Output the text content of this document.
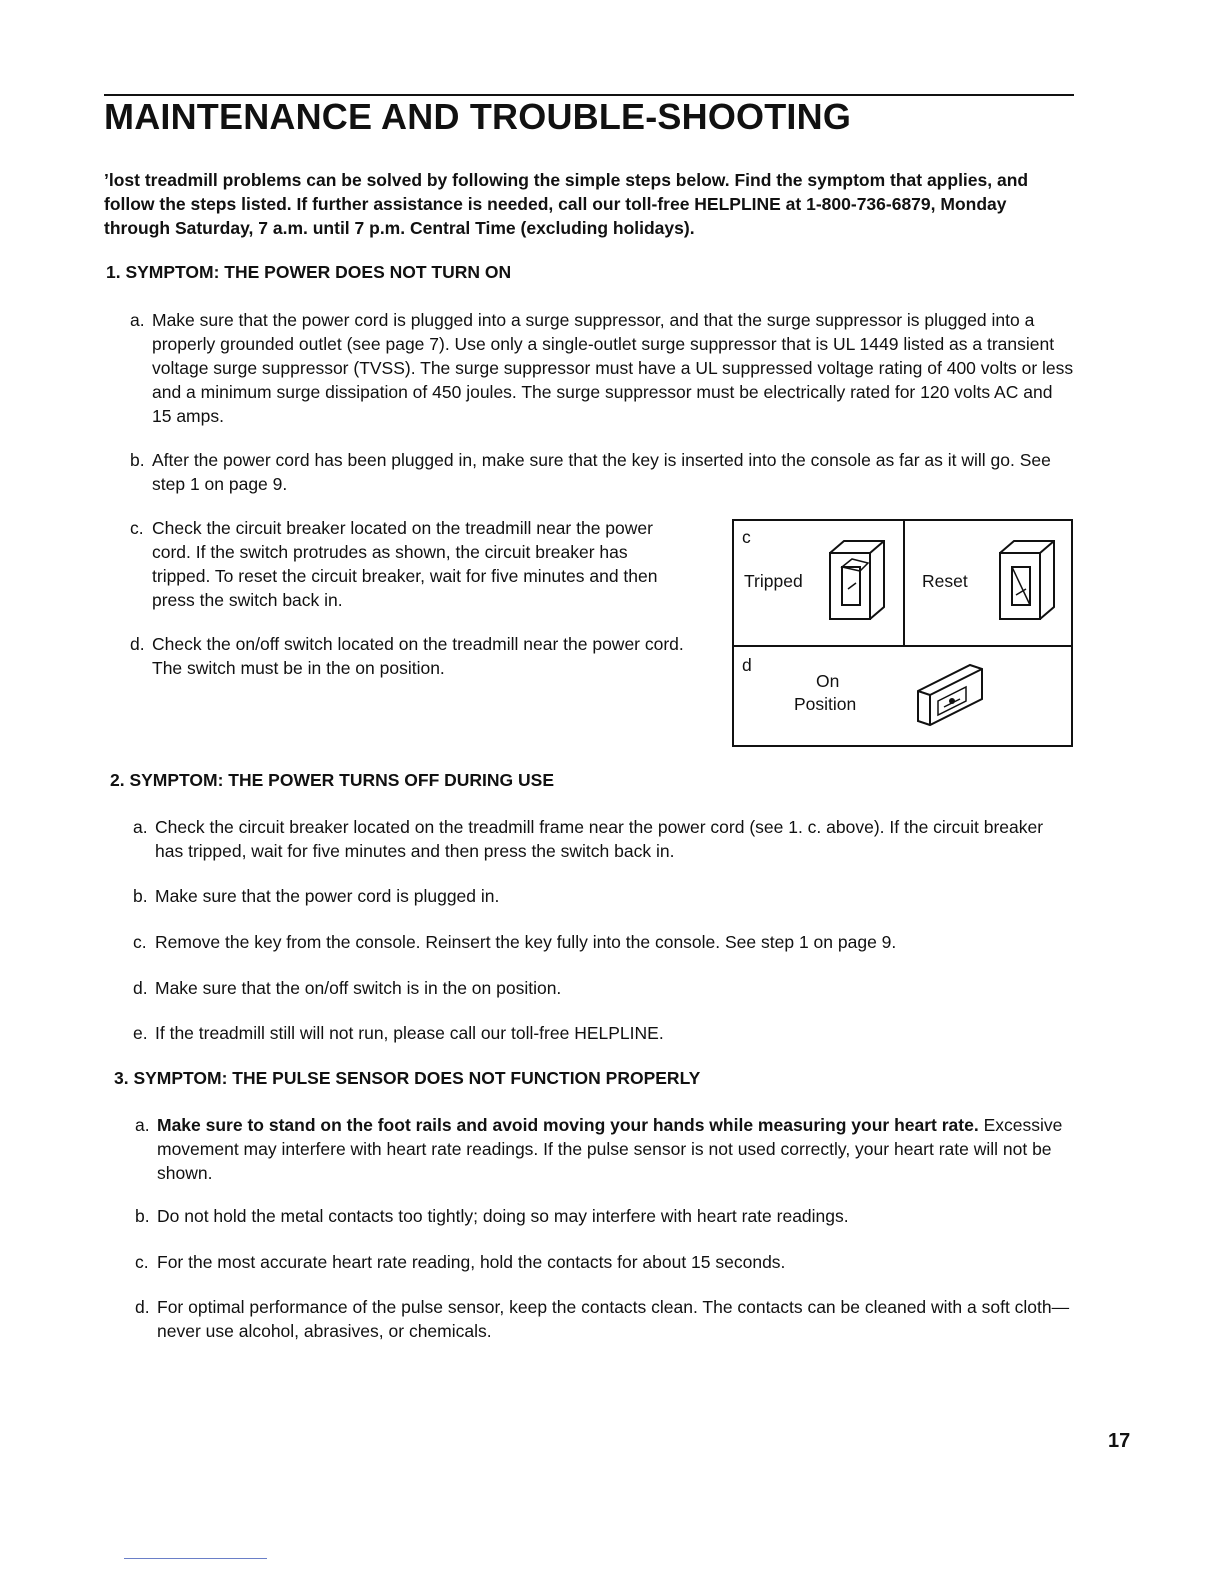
MAINTENANCE AND TROUBLE-SHOOTING
’lost treadmill problems can be solved by following the simple steps below. Find the symptom that applies, and follow the steps listed. If further assistance is needed, call our toll-free HELPLINE at 1-800-736-6879, Monday through Saturday, 7 a.m. until 7 p.m. Central Time (excluding holidays).
1. SYMPTOM: THE POWER DOES NOT TURN ON
a. Make sure that the power cord is plugged into a surge suppressor, and that the surge suppressor is plugged into a properly grounded outlet (see page 7). Use only a single-outlet surge suppressor that is UL 1449 listed as a transient voltage surge suppressor (TVSS). The surge suppressor must have a UL suppressed voltage rating of 400 volts or less and a minimum surge dissipation of 450 joules. The surge suppressor must be electrically rated for 120 volts AC and 15 amps.
b. After the power cord has been plugged in, make sure that the key is inserted into the console as far as it will go. See step 1 on page 9.
c. Check the circuit breaker located on the treadmill near the power cord. If the switch protrudes as shown, the circuit breaker has tripped. To reset the circuit breaker, wait for five minutes and then press the switch back in.
d. Check the on/off switch located on the treadmill near the power cord. The switch must be in the on position.
c
Tripped	Reset
d
On
Position
2. SYMPTOM: THE POWER TURNS OFF DURING USE
a. Check the circuit breaker located on the treadmill frame near the power cord (see 1. c. above). If the circuit breaker has tripped, wait for five minutes and then press the switch back in.
b. Make sure that the power cord is plugged in.
c. Remove the key from the console. Reinsert the key fully into the console. See step 1 on page 9.
d. Make sure that the on/off switch is in the on position.
e. If the treadmill still will not run, please call our toll-free HELPLINE.
3. SYMPTOM: THE PULSE SENSOR DOES NOT FUNCTION PROPERLY
a. Make sure to stand on the foot rails and avoid moving your hands while measuring your heart rate. Excessive movement may interfere with heart rate readings. If the pulse sensor is not used correctly, your heart rate will not be shown.
b. Do not hold the metal contacts too tightly; doing so may interfere with heart rate readings.
c. For the most accurate heart rate reading, hold the contacts for about 15 seconds.
d. For optimal performance of the pulse sensor, keep the contacts clean. The contacts can be cleaned with a soft cloth—never use alcohol, abrasives, or chemicals.
17
